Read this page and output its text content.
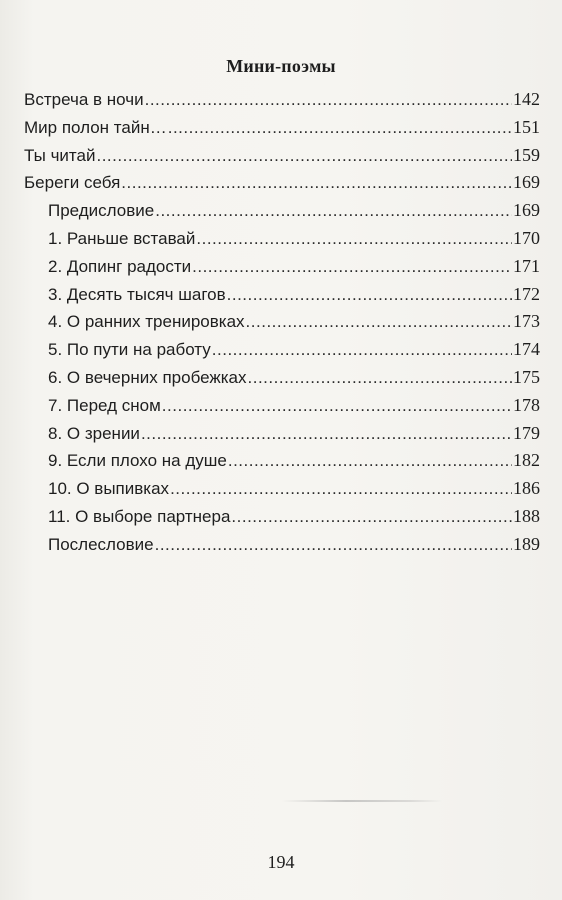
Мини-поэмы
Встреча в ночи .....	142
Мир полон тайн… .....	151
Ты читай .....	159
Береги себя .....	169
Предисловие .....	169
1. Раньше вставай .....	170
2. Допинг радости .....	171
3. Десять тысяч шагов .....	172
4. О ранних тренировках .....	173
5. По пути на работу .....	174
6. О вечерних пробежках .....	175
7. Перед сном .....	178
8. О зрении .....	179
9. Если плохо на душе .....	182
10. О выпивках .....	186
11. О выборе партнера .....	188
Послесловие .....	189
194
